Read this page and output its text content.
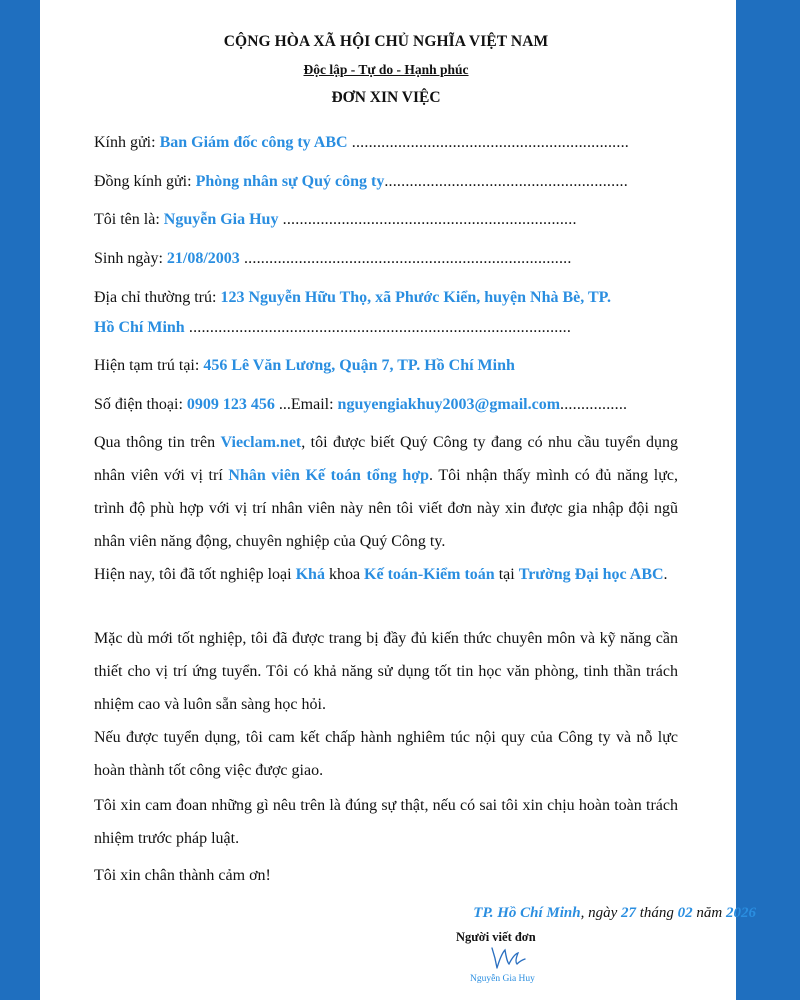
CỘNG HÒA XÃ HỘI CHỦ NGHĨA VIỆT NAM
Độc lập - Tự do - Hạnh phúc
ĐƠN XIN VIỆC
Kính gửi: Ban Giám đốc công ty ABC ..................................................................
Đồng kính gửi: Phòng nhân sự Quý công ty..........................................................
Tôi tên là: Nguyễn Gia Huy ......................................................................
Sinh ngày: 21/08/2003 ..............................................................................
Địa chỉ thường trú: 123 Nguyễn Hữu Thọ, xã Phước Kiển, huyện Nhà Bè, TP.
Hồ Chí Minh ...........................................................................................
Hiện tạm trú tại: 456 Lê Văn Lương, Quận 7, TP. Hồ Chí Minh
Số điện thoại: 0909 123 456 ...Email: nguyengiakhuy2003@gmail.com................
Qua thông tin trên Vieclam.net, tôi được biết Quý Công ty đang có nhu cầu tuyển dụng nhân viên với vị trí Nhân viên Kế toán tổng hợp. Tôi nhận thấy mình có đủ năng lực, trình độ phù hợp với vị trí nhân viên này nên tôi viết đơn này xin được gia nhập đội ngũ nhân viên năng động, chuyên nghiệp của Quý Công ty.
Hiện nay, tôi đã tốt nghiệp loại Khá khoa Kế toán-Kiểm toán tại Trường Đại học ABC.
Mặc dù mới tốt nghiệp, tôi đã được trang bị đầy đủ kiến thức chuyên môn và kỹ năng cần thiết cho vị trí ứng tuyển. Tôi có khả năng sử dụng tốt tin học văn phòng, tinh thần trách nhiệm cao và luôn sẵn sàng học hỏi.
Nếu được tuyển dụng, tôi cam kết chấp hành nghiêm túc nội quy của Công ty và nỗ lực hoàn thành tốt công việc được giao.
Tôi xin cam đoan những gì nêu trên là đúng sự thật, nếu có sai tôi xin chịu hoàn toàn trách nhiệm trước pháp luật.
Tôi xin chân thành cảm ơn!
TP. Hồ Chí Minh, ngày 27 tháng 02 năm 2026
Người viết đơn
Nguyễn Gia Huy
